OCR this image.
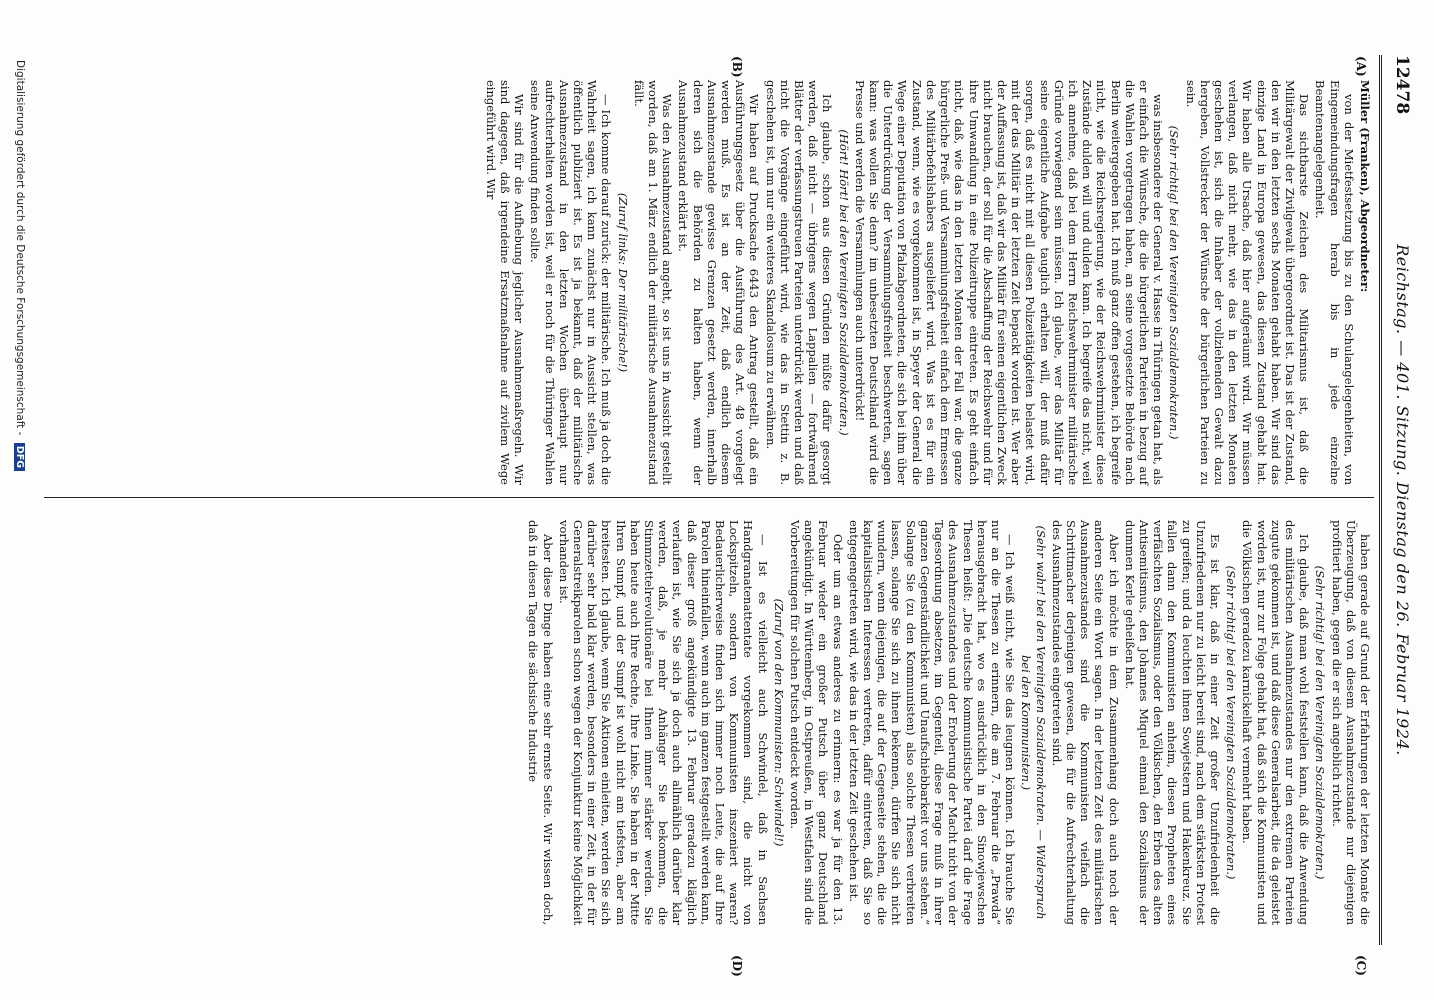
12478
Reichstag. — 401. Sitzung. Dienstag den 26. Februar 1924.
(A)
(B)
(C)
(D)

Müller (Franken), Abgeordneter:

von der Mietfestsetzung bis zu den Schulangelegenheiten, von Eingemeindungsfragen herab bis in jede einzelne Beamtenangelegenheit.

Das sichtbarste Zeichen des Militarismus ist, daß die Militärgewalt der Zivilgewalt übergeordnet ist. Das ist der Zustand, den wir in den letzten sechs Monaten gehabt haben. Wir sind das einzige Land in Europa gewesen, das diesen Zustand gehabt hat. Wir haben alle Ursache, daß hier aufgeräumt wird. Wir müssen verlangen, daß nicht mehr, wie das in den letzten Monaten geschehen ist, sich die Inhaber der vollziehenden Gewalt dazu hergeben, Vollstrecker der Wünsche der bürgerlichen Parteien zu sein.

(Sehr richtig! bei den Vereinigten Sozialdemokraten.)

was insbesondere der General v. Hasse in Thüringen getan hat, als er einfach die Wünsche, die die bürgerlichen Parteien in bezug auf die Wahlen vorgetragen haben, an seine vorgesetzte Behörde nach Berlin weitergegeben hat. Ich muß ganz offen gestehen, ich begreife nicht, wie die Reichsregierung, wie der Reichswehrminister diese Zustände dulden will und dulden kann. Ich begreife das nicht, weil ich annehme, daß bei dem Herrn Reichswehrminister militärische Gründe vorwiegend sein müssen. Ich glaube, wer das Militär für seine eigentliche Aufgabe tauglich erhalten will, der muß dafür sorgen, daß es nicht mit all diesen Polizeitätigkeiten belastet wird, mit der das Militär in der letzten Zeit bepackt worden ist. Wer aber der Auffassung ist, daß wir das Militär für seinen eigentlichen Zweck nicht brauchen, der soll für die Abschaffung der Reichswehr und für ihre Umwandlung in eine Polizeitruppe eintreten. Es geht einfach nicht, daß, wie das in den letzten Monaten der Fall war, die ganze bürgerliche Preß- und Versammlungsfreiheit einfach dem Ermessen des Militärbefehlshabers ausgeliefert wird. Was ist es für ein Zustand, wenn, wie es vorgekommen ist, in Speyer der General die Wege einer Deputation von Pfalzabgeordneten, die sich bei ihm über die Unterdrückung der Versammlungsfreiheit beschwerten, sagen kann: was wollen Sie denn? im unbesetzten Deutschland wird die Presse und werden die Versammlungen auch unterdrückt!

(Hört! Hört! bei den Vereinigten Sozialdemokraten.)

Ich glaube, schon aus diesen Gründen müßte dafür gesorgt werden, daß nicht — übrigens wegen Lappalien — fortwährend Blätter der verfassungstreuen Parteien unterdrückt werden und daß nicht die Vorgänge eingeführt wird, wie das in Stettin z. B. geschehen ist, um nur ein weiteres Skandalosum zu erwähnen.

Wir haben auf Drucksache 6443 den Antrag gestellt, daß ein Ausführungsgesetz über die Ausführung des Art. 48 vorgelegt werden muß. Es ist an der Zeit, daß endlich diesem Ausnahmezustande gewisse Grenzen gesetzt werden, innerhalb deren sich die Behörden zu halten haben, wenn der Ausnahmezustand erklärt ist.

Was den Ausnahmezustand angeht, so ist uns in Aussicht gestellt worden, daß am 1. März endlich der militärische Ausnahmezustand fällt.

(Zuruf links: Der militärische!)

— Ich komme darauf zurück: der militärische. Ich muß ja doch die Wahrheit sagen, ich kann zunächst nur in Aussicht stellen, was öffentlich publiziert ist. Es ist ja bekannt, daß der militärische Ausnahmezustand in den letzten Wochen überhaupt nur aufrechterhalten worden ist, weil er noch für die Thüringer Wahlen seine Anwendung finden sollte.

Wir sind für die Aufhebung jeglicher Ausnahmemaßregeln. Wir sind dagegen, daß irgendeine Ersatzmaßnahme auf zivilem Wege eingeführt wird. Wir

haben gerade auf Grund der Erfahrungen der letzten Monate die Überzeugung, daß von diesem Ausnahmezustande nur diejenigen profitiert haben, gegen die er sich angeblich richtet.

(Sehr richtig! bei den Vereinigten Sozialdemokraten.)

Ich glaube, daß man wohl feststellen kann, daß die Anwendung des militärischen Ausnahmezustandes nur den extremen Parteien zugute gekommen ist, und daß diese Generalsarbeit, die da geleistet worden ist, nur zur Folge gehabt hat, daß sich die Kommunisten und die Völkischen geradezu karnickelhaft vermehrt haben.

(Sehr richtig! bei den Vereinigten Sozialdemokraten.)

Es ist klar, daß in einer Zeit großer Unzufriedenheit die Unzufriedenen nur zu leicht bereit sind, nach dem stärksten Protest zu greifen; und da leuchten ihnen Sowjetstern und Hakenkreuz. Sie fallen dann den Kommunisten anheim, diesen Propheten eines verfälschten Sozialismus, oder den Völkischen, den Erben des alten Antisemitismus, den Johannes Miquel einmal den Sozialismus der dummen Kerle geheißen hat.

Aber ich möchte in dem Zusammenhang doch auch noch der anderen Seite ein Wort sagen. In der letzten Zeit des militärischen Ausnahmezustandes sind die Kommunisten vielfach die Schrittmacher derjenigen gewesen, die für die Aufrechterhaltung des Ausnahmezustandes eingetreten sind.

(Sehr wahr! bei den Vereinigten Sozialdemokraten. — Widerspruch bei den Kommunisten.)

— Ich weiß nicht, wie Sie das leugnen können. Ich brauche Sie nur an die Thesen zu erinnern, die am 7. Februar die „Prawda“ herausgebracht hat, wo es ausdrücklich in den Sinowjewschen Thesen heißt: „Die deutsche kommunistische Partei darf die Frage des Ausnahmezustandes und der Eroberung der Macht nicht von der Tagesordnung absetzen, im Gegenteil, diese Frage muß in ihrer ganzen Gegenständlichkeit und Unaufschiebbarkeit vor uns stehen.“ Solange Sie (zu den Kommunisten) also solche Thesen verbreiten lassen, solange Sie sich zu ihnen bekennen, dürfen Sie sich nicht wundern, wenn diejenigen, die auf der Gegenseite stehen, die die kapitalistischen Interessen vertreten, dafür eintreten, daß Sie so entgegengetreten wird, wie das in der letzten Zeit geschehen ist.

Oder um an etwas anderes zu erinnern: es war ja für den 13. Februar wieder ein großer Putsch über ganz Deutschland angekündigt. In Württemberg, in Ostpreußen, in Westfalen sind die Vorbereitungen für solchen Putsch entdeckt worden.

(Zuruf von den Kommunisten: Schwindel!)

— Ist es vielleicht auch Schwindel, daß in Sachsen Handgranatenattentate vorgekommen sind, die nicht von Lockspitzeln, sondern von Kommunisten inszeniert waren? Bedauerlicherweise finden sich immer noch Leute, die auf Ihre Parolen hineinfallen, wenn auch im ganzen festgestellt werden kann, daß dieser groß angekündigte 13. Februar geradezu kläglich verlaufen ist, wie Sie sich ja doch auch allmählich darüber klar werden, daß, je mehr Anhänger Sie bekommen, die Stimmzettelrevolutionäre bei Ihnen immer stärker werden. Sie haben heute auch Ihre Rechte, Ihre Linke. Sie haben in der Mitte Ihren Sumpf, und der Sumpf ist wohl nicht am tiefsten, aber am breitesten. Ich glaube, wenn Sie Aktionen einleiten, werden Sie sich darüber sehr bald klar werden, besonders in einer Zeit, in der für Generalstreikparolen schon wegen der Konjunktur keine Möglichkeit vorhanden ist.

Aber diese Dinge haben eine sehr ernste Seite. Wir wissen doch, daß in diesen Tagen die sächsische Industrie

Digitalisierung gefördert durch die Deutsche Forschungsgemeinschaft - DFG
